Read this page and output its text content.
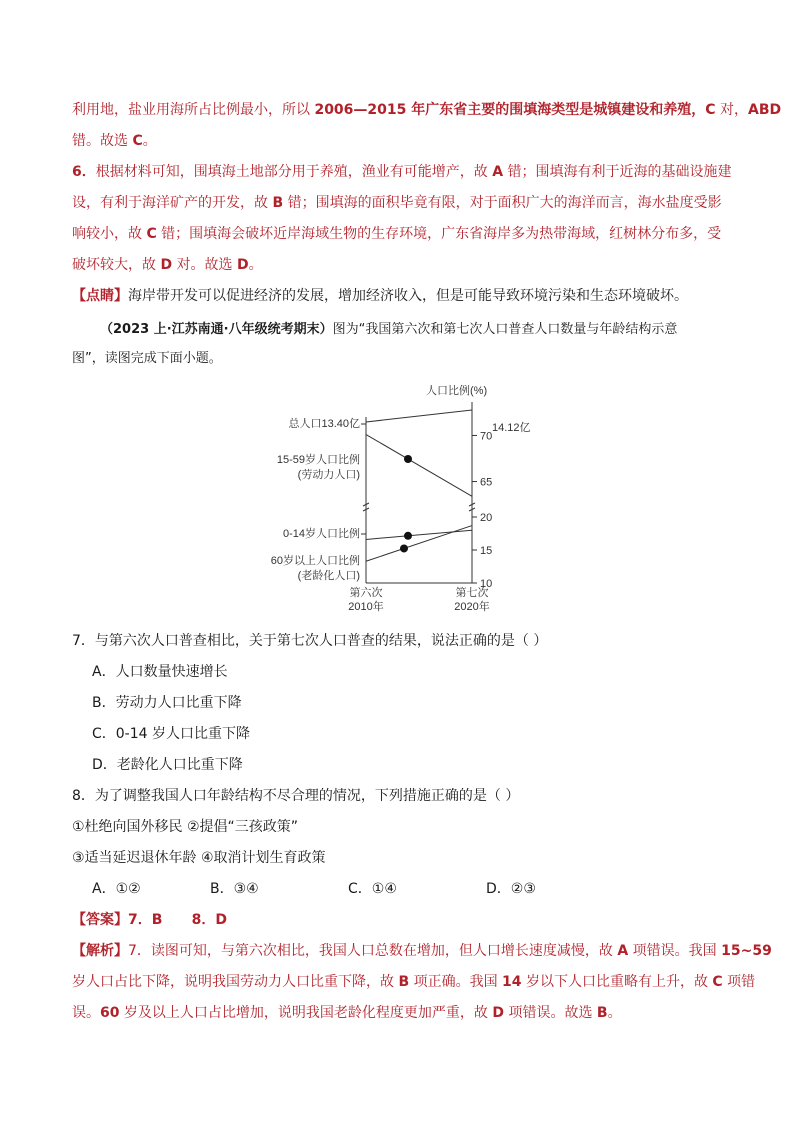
利用地，盐业用海所占比例最小，所以 2006—2015 年广东省主要的围填海类型是城镇建设和养殖，C 对，ABD
错。故选 C。
6．根据材料可知，围填海土地部分用于养殖，渔业有可能增产，故 A 错；围填海有利于近海的基础设施建
设，有利于海洋矿产的开发，故 B 错；围填海的面积毕竟有限，对于面积广大的海洋而言，海水盐度受影
响较小，故 C 错；围填海会破坏近岸海域生物的生存环境，广东省海岸多为热带海域，红树林分布多，受
破坏较大，故 D 对。故选 D。
【点睛】海岸带开发可以促进经济的发展，增加经济收入，但是可能导致环境污染和生态环境破坏。
（2023 上·江苏南通·八年级统考期末）图为“我国第六次和第七次人口普查人口数量与年龄结构示意
图”，读图完成下面小题。
人口比例(%)
70
65
20
15
10
总人口13.40亿	14.12亿
15-59岁人口比例
(劳动力人口)
0-14岁人口比例
60岁以上人口比例
(老龄化人口)
第六次
2010年
第七次
2020年
7．与第六次人口普查相比，关于第七次人口普查的结果，说法正确的是（ ）
A．人口数量快速增长
B．劳动力人口比重下降
C．0-14 岁人口比重下降
D．老龄化人口比重下降
8．为了调整我国人口年龄结构不尽合理的情况，下列措施正确的是（ ）
①杜绝向国外移民 ②提倡“三孩政策”
③适当延迟退休年龄 ④取消计划生育政策
A．①②	B．③④	C．①④	D．②③
【答案】7．B      8．D
【解析】7．读图可知，与第六次相比，我国人口总数在增加，但人口增长速度减慢，故 A 项错误。我国 15~59
岁人口占比下降，说明我国劳动力人口比重下降，故 B 项正确。我国 14 岁以下人口比重略有上升，故 C 项错
误。60 岁及以上人口占比增加，说明我国老龄化程度更加严重，故 D 项错误。故选 B。
